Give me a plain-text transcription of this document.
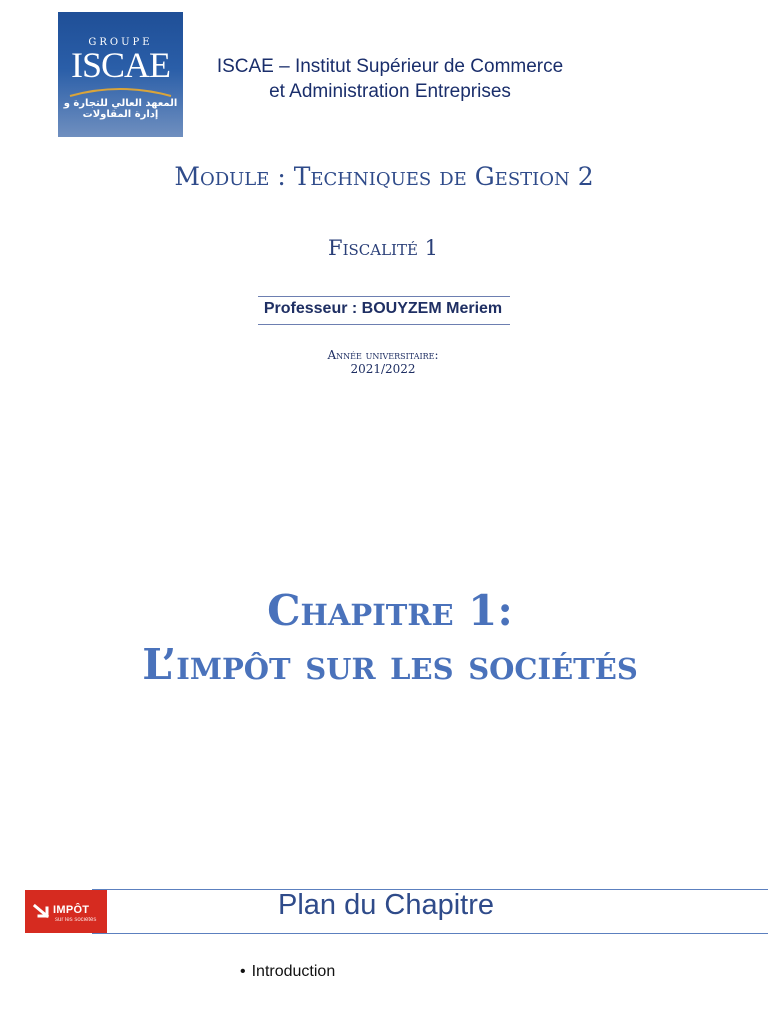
GROUPE
ISCAE
المعهد العالي للتجارة و إدارة المقاولات
ISCAE – Institut Supérieur de Commerce
et Administration Entreprises
Module : Techniques de Gestion 2
Fiscalité 1
Professeur : BOUYZEM Meriem
Année universitaire:
2021/2022
Chapitre 1:
L’impôt sur les sociétés
IMPÔT
sur les sociétés	Plan du Chapitre
• Introduction
